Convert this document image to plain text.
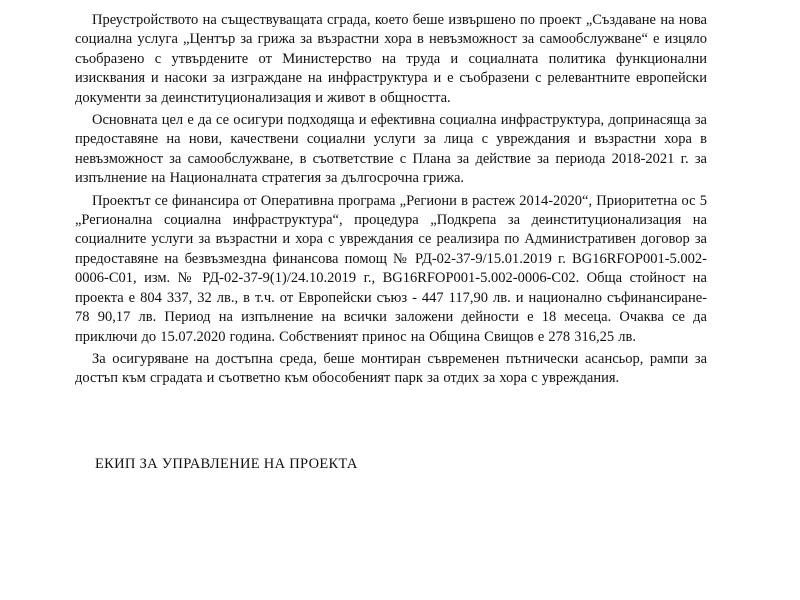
Преустройството на съществуващата сграда, което беше извършено по проект „Създаване на нова социална услуга „Център за грижа за възрастни хора в невъзможност за самообслужване“ е изцяло съобразено с утвърдените от Министерство на труда и социалната политика функционални изисквания и насоки за изграждане на инфраструктура и е съобразени с релевантните европейски документи за деинституционализация и живот в общността.

Основната цел е да се осигури подходяща и ефективна социална инфраструктура, допринасяща за предоставяне на нови, качествени социални услуги за лица с увреждания и възрастни хора в невъзможност за самообслужване, в съответствие с Плана за действие за периода 2018-2021 г. за изпълнение на Националната стратегия за дългосрочна грижа.

Проектът се финансира от Оперативна програма „Региони в растеж 2014-2020“, Приоритетна ос 5 „Регионална социална инфраструктура“, процедура „Подкрепа за деинституционализация на социалните услуги за възрастни и хора с увреждания се реализира по Административен договор за предоставяне на безвъзмездна финансова помощ № РД-02-37-9/15.01.2019 г. BG16RFOP001-5.002-0006-C01, изм. № РД-02-37-9(1)/24.10.2019 г., BG16RFOP001-5.002-0006-C02. Обща стойност на проекта е 804 337, 32 лв., в т.ч. от Европейски съюз - 447 117,90 лв. и национално съфинансиране- 78 90,17 лв. Период на изпълнение на всички заложени дейности е 18 месеца. Очаква се да приключи до 15.07.2020 година. Собственият принос на Община Свищов е 278 316,25 лв.

За осигуряване на достъпна среда, беше монтиран съвременен пътнически асансьор, рампи за достъп към сградата и съответно към обособеният парк за отдих за хора с увреждания.

ЕКИП ЗА УПРАВЛЕНИЕ НА ПРОЕКТА
